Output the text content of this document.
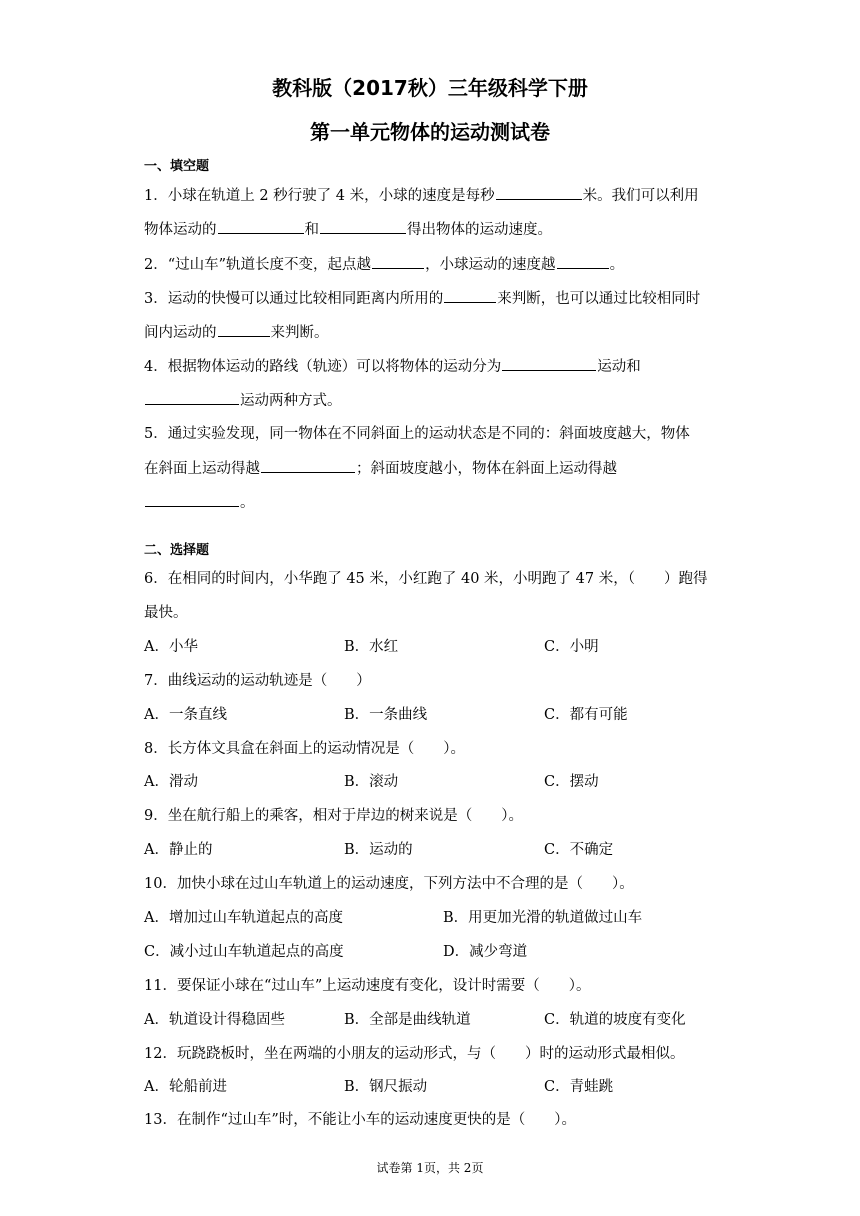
教科版（2017秋）三年级科学下册
第一单元物体的运动测试卷
一、填空题
1．小球在轨道上 2 秒行驶了 4 米，小球的速度是每秒	米。我们可以利用
物体运动的	和	得出物体的运动速度。
2．“过山车”轨道长度不变，起点越	，小球运动的速度越	。
3．运动的快慢可以通过比较相同距离内所用的	来判断，也可以通过比较相同时
间内运动的	来判断。
4．根据物体运动的路线（轨迹）可以将物体的运动分为	运动和
运动两种方式。
5．通过实验发现，同一物体在不同斜面上的运动状态是不同的：斜面坡度越大，物体
在斜面上运动得越	；斜面坡度越小，物体在斜面上运动得越
。
二、选择题
6．在相同的时间内，小华跑了 45 米，小红跑了 40 米，小明跑了 47 米，（　　）跑得
最快。
A．小华	B．水红	C．小明
7．曲线运动的运动轨迹是（　　）
A．一条直线	B．一条曲线	C．都有可能
8．长方体文具盒在斜面上的运动情况是（　　）。
A．滑动	B．滚动	C．摆动
9．坐在航行船上的乘客，相对于岸边的树来说是（　　）。
A．静止的	B．运动的	C．不确定
10．加快小球在过山车轨道上的运动速度，下列方法中不合理的是（　　）。
A．增加过山车轨道起点的高度	B．用更加光滑的轨道做过山车
C．减小过山车轨道起点的高度	D．减少弯道
11．要保证小球在“过山车”上运动速度有变化，设计时需要（　　）。
A．轨道设计得稳固些	B．全部是曲线轨道	C．轨道的坡度有变化
12．玩跷跷板时，坐在两端的小朋友的运动形式，与（　　）时的运动形式最相似。
A．轮船前进	B．钢尺振动	C．青蛙跳
13．在制作“过山车”时，不能让小车的运动速度更快的是（　　）。
试卷第 1页，共 2页
